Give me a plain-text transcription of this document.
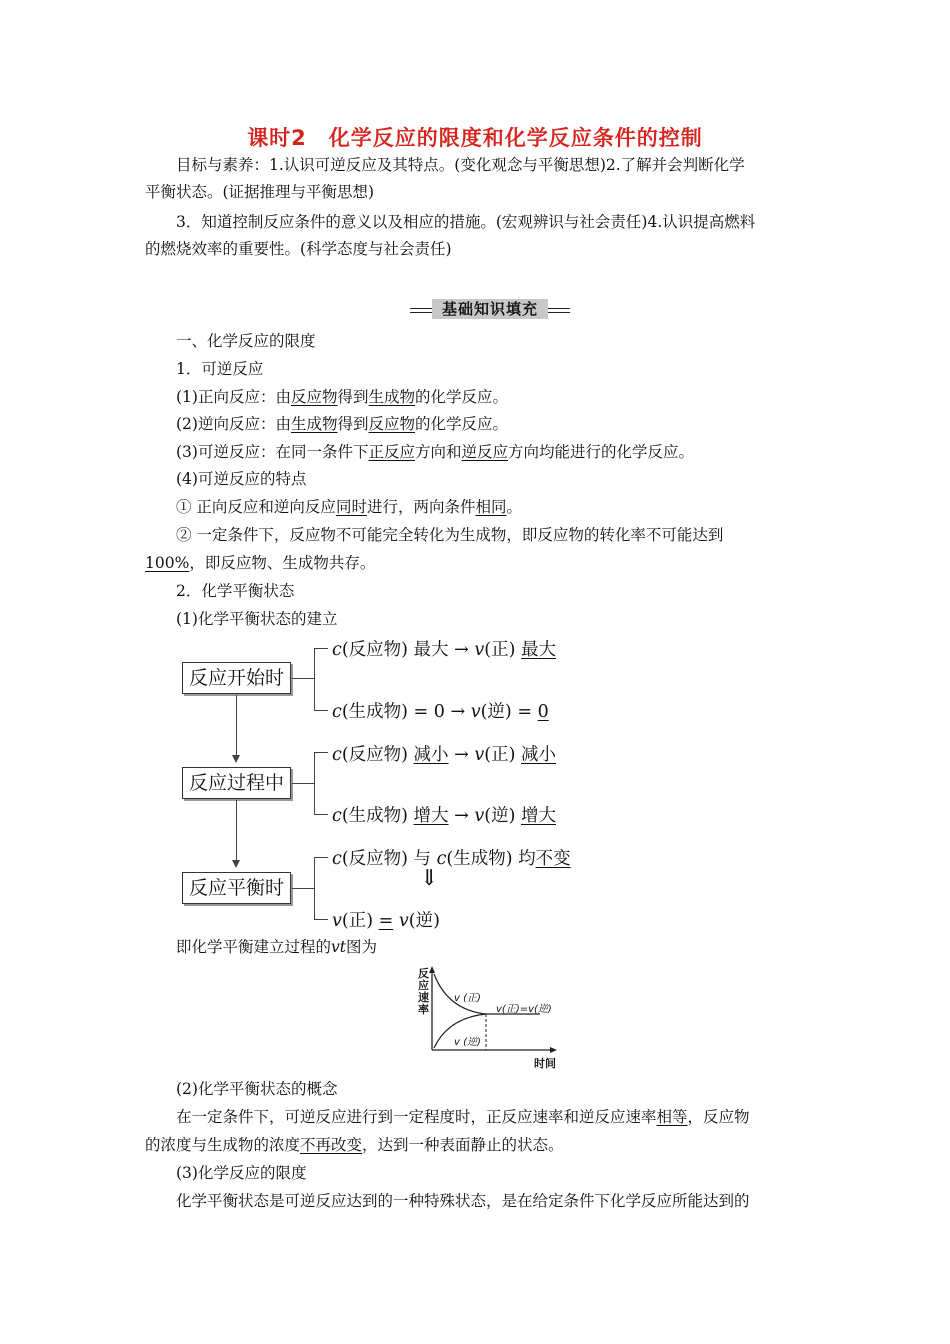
课时2　化学反应的限度和化学反应条件的控制
目标与素养：1.认识可逆反应及其特点。(变化观念与平衡思想)2.了解并会判断化学
平衡状态。(证据推理与平衡思想)
3．知道控制反应条件的意义以及相应的措施。(宏观辨识与社会责任)4.认识提高燃料
的燃烧效率的重要性。(科学态度与社会责任)
基础知识填充
一、化学反应的限度
1．可逆反应
(1)正向反应：由反应物得到生成物的化学反应。
(2)逆向反应：由生成物得到反应物的化学反应。
(3)可逆反应：在同一条件下正反应方向和逆反应方向均能进行的化学反应。
(4)可逆反应的特点
① 正向反应和逆向反应同时进行，两向条件相同。
② 一定条件下，反应物不可能完全转化为生成物，即反应物的转化率不可能达到
100%，即反应物、生成物共存。
2．化学平衡状态
(1)化学平衡状态的建立
反应开始时
反应过程中
反应平衡时
c(反应物) 最大 → v(正) 最大
c(生成物) = 0 → v(逆) = 0
c(反应物) 减小 → v(正) 减小
c(生成物) 增大 → v(逆) 增大
c(反应物) 与 c(生成物) 均不变
⇓
v(正) = v(逆)
即化学平衡建立过程的vt图为
反
应
速
率
v (正)
v (逆)
v(正)=v(逆)
时间
(2)化学平衡状态的概念
在一定条件下，可逆反应进行到一定程度时，正反应速率和逆反应速率相等，反应物
的浓度与生成物的浓度不再改变，达到一种表面静止的状态。
(3)化学反应的限度
化学平衡状态是可逆反应达到的一种特殊状态，是在给定条件下化学反应所能达到的
